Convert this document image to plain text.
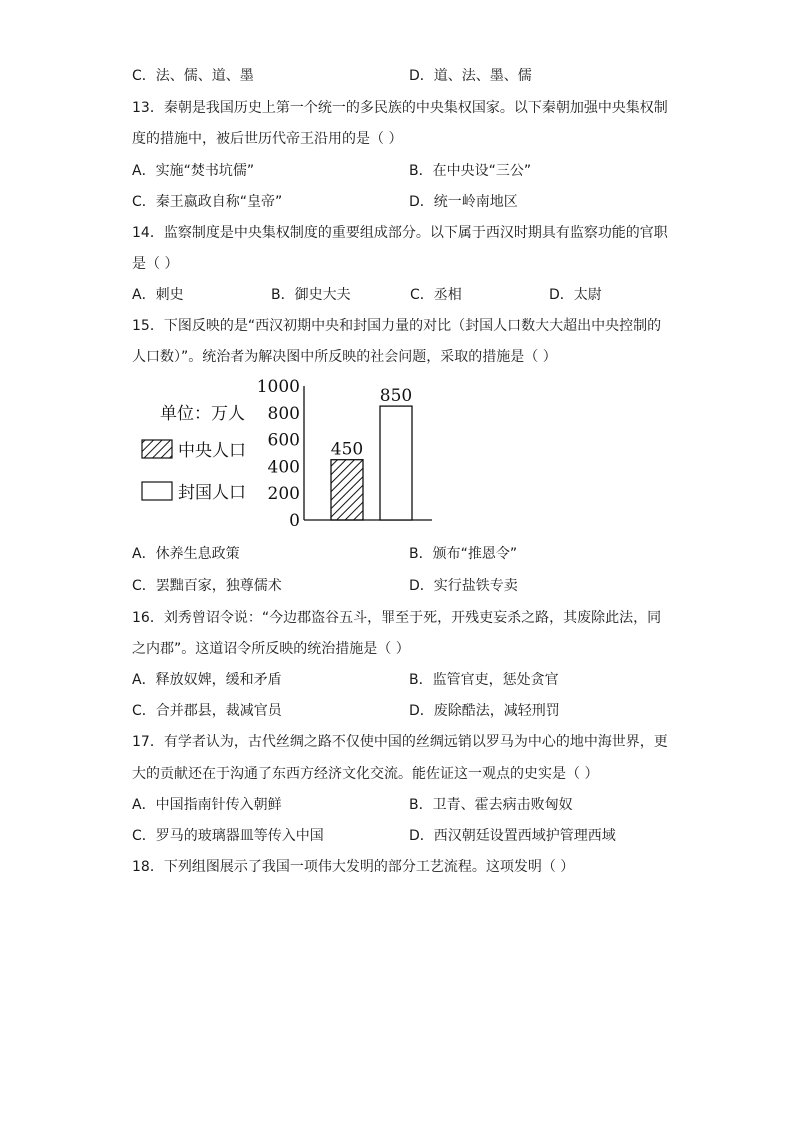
C．法、儒、道、墨	D．道、法、墨、儒
13．秦朝是我国历史上第一个统一的多民族的中央集权国家。以下秦朝加强中央集权制
度的措施中，被后世历代帝王沿用的是（ ）
A．实施“焚书坑儒”	B．在中央设“三公”
C．秦王嬴政自称“皇帝”	D．统一岭南地区
14．监察制度是中央集权制度的重要组成部分。以下属于西汉时期具有监察功能的官职
是（ ）
A．刺史	B．御史大夫	C．丞相	D．太尉
15．下图反映的是“西汉初期中央和封国力量的对比（封国人口数大大超出中央控制的
人口数）”。统治者为解决图中所反映的社会问题，采取的措施是（ ）
单位：万人
中央人口
封国人口
1000
800
600
400
200
0
450
850
A．休养生息政策	B．颁布“推恩令”
C．罢黜百家，独尊儒术	D．实行盐铁专卖
16．刘秀曾诏令说：“今边郡盗谷五斗，罪至于死，开残吏妄杀之路，其废除此法，同
之内郡”。这道诏令所反映的统治措施是（ ）
A．释放奴婢，缓和矛盾	B．监管官吏，惩处贪官
C．合并郡县，裁减官员	D．废除酷法，减轻刑罚
17．有学者认为，古代丝绸之路不仅使中国的丝绸远销以罗马为中心的地中海世界，更
大的贡献还在于沟通了东西方经济文化交流。能佐证这一观点的史实是（ ）
A．中国指南针传入朝鲜	B．卫青、霍去病击败匈奴
C．罗马的玻璃器皿等传入中国	D．西汉朝廷设置西域护管理西域
18．下列组图展示了我国一项伟大发明的部分工艺流程。这项发明（ ）
